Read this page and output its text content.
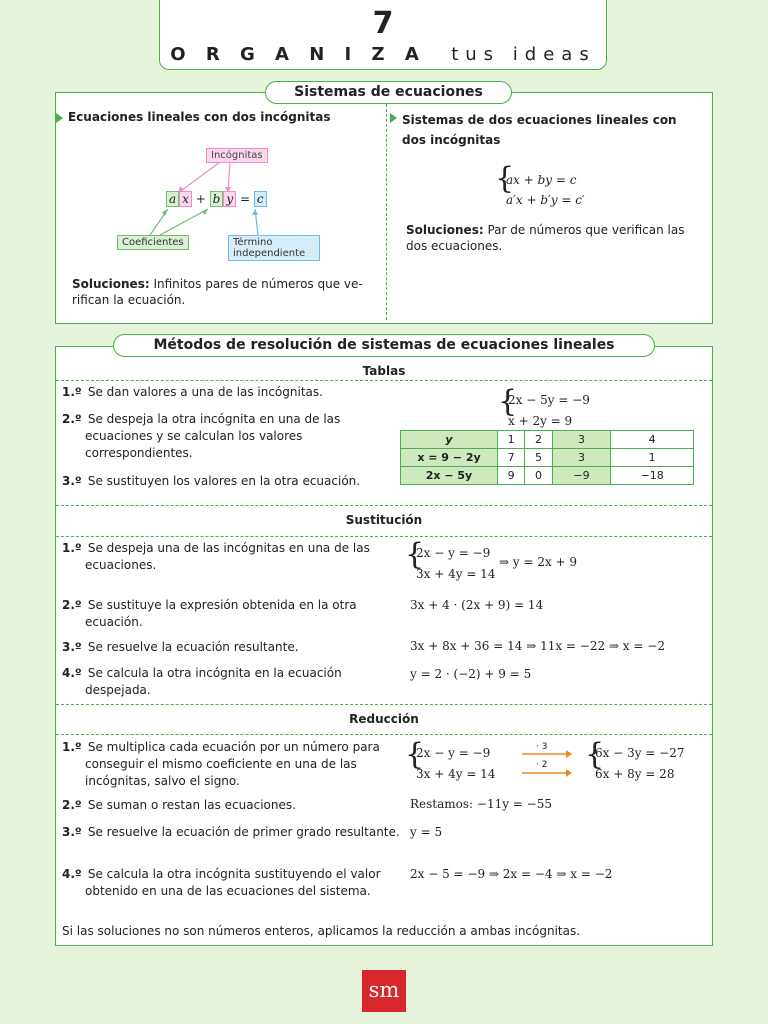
7
O R G A N I Z A tus ideas
Sistemas de ecuaciones
Ecuaciones lineales con dos incógnitas
Incógnitas
a x + b y = c
Coeficientes	Término
independiente
Soluciones: Infinitos pares de números que ve-
rifican la ecuación.
Sistemas de dos ecuaciones lineales con
dos incógnitas
{
ax + by = c
a′x + b′y = c′
Soluciones: Par de números que verifican las
dos ecuaciones.
Métodos de resolución de sistemas de ecuaciones lineales
Tablas
1.º Se dan valores a una de las incógnitas.
2.º Se despeja la otra incógnita en una de las ecuaciones y se calculan los valores correspondientes.
3.º Se sustituyen los valores en la otra ecuación.
{
2x − 5y = −9
x + 2y = 9
y	1	2	3	4
x = 9 − 2y	7	5	3	1
2x − 5y	9	0	−9	−18
Sustitución
1.º Se despeja una de las incógnitas en una de las ecuaciones.
2.º Se sustituye la expresión obtenida en la otra ecuación.
3.º Se resuelve la ecuación resultante.
4.º Se calcula la otra incógnita en la ecuación despejada.
{
2x − y = −9
3x + 4y = 14
⇒ y = 2x + 9
3x + 4 · (2x + 9) = 14
3x + 8x + 36 = 14 ⇒ 11x = −22 ⇒ x = −2
y = 2 · (−2) + 9 = 5
Reducción
1.º Se multiplica cada ecuación por un número para conseguir el mismo coeficiente en una de las incógnitas, salvo el signo.
2.º Se suman o restan las ecuaciones.
3.º Se resuelve la ecuación de primer grado resultante.
4.º Se calcula la otra incógnita sustituyendo el valor obtenido en una de las ecuaciones del sistema.
{
2x − y = −9
3x + 4y = 14
· 3
· 2 {
6x − 3y = −27
6x + 8y = 28
Restamos: −11y = −55
y = 5
2x − 5 = −9 ⇒ 2x = −4 ⇒ x = −2
Si las soluciones no son números enteros, aplicamos la reducción a ambas incógnitas.
sm
